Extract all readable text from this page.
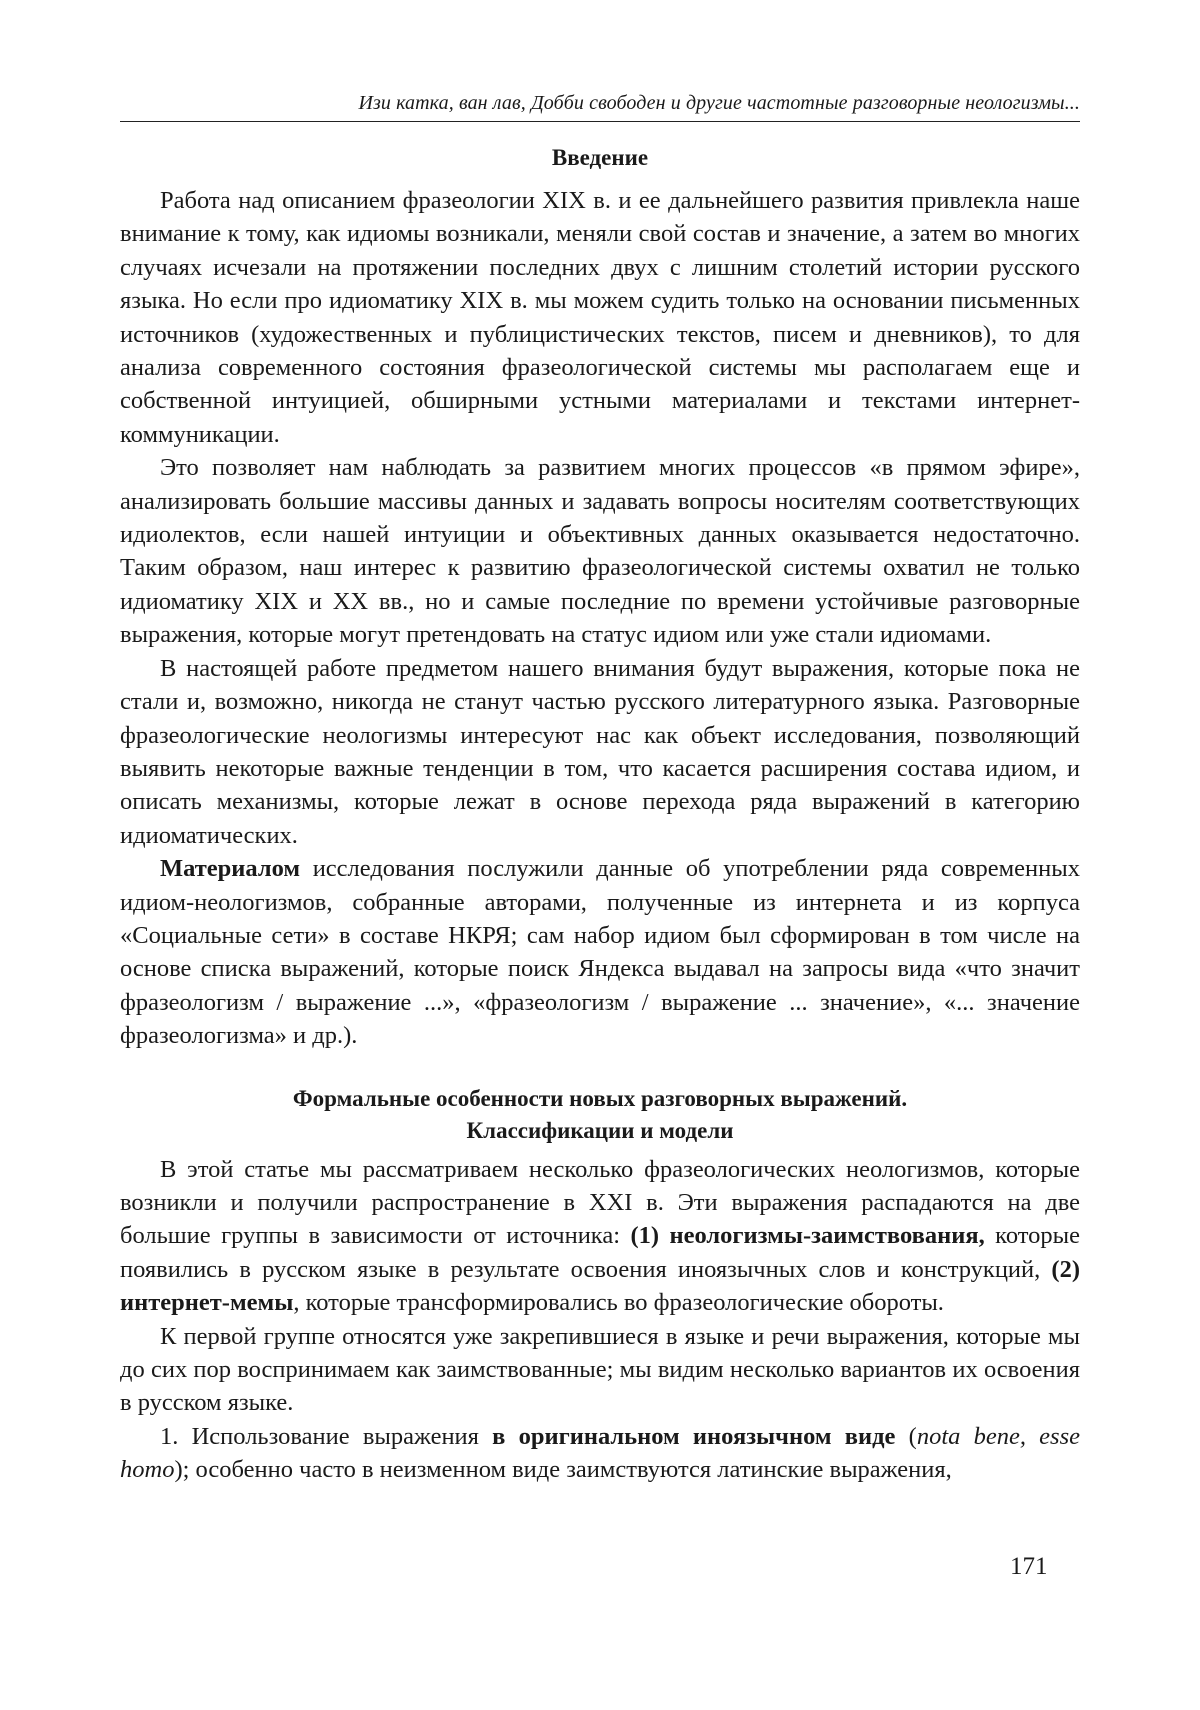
Изи катка, ван лав, Добби свободен и другие частотные разговорные неологизмы...
Введение

Работа над описанием фразеологии XIX в. и ее дальнейшего развития привлекла наше внимание к тому, как идиомы возникали, меняли свой состав и значение, а затем во многих случаях исчезали на протяжении последних двух с лишним столетий истории русского языка. Но если про идиоматику XIX в. мы можем судить только на основании письменных источников (художественных и публицистических текстов, писем и дневников), то для анализа современного состояния фразеологической системы мы располагаем еще и собственной интуицией, обширными устными материалами и текстами интернет-коммуникации.

Это позволяет нам наблюдать за развитием многих процессов «в прямом эфире», анализировать большие массивы данных и задавать вопросы носителям соответствующих идиолектов, если нашей интуиции и объективных данных оказывается недостаточно. Таким образом, наш интерес к развитию фразеологической системы охватил не только идиоматику XIX и XX вв., но и самые последние по времени устойчивые разговорные выражения, которые могут претендовать на статус идиом или уже стали идиомами.

В настоящей работе предметом нашего внимания будут выражения, которые пока не стали и, возможно, никогда не станут частью русского литературного языка. Разговорные фразеологические неологизмы интересуют нас как объект исследования, позволяющий выявить некоторые важные тенденции в том, что касается расширения состава идиом, и описать механизмы, которые лежат в основе перехода ряда выражений в категорию идиоматических.

Материалом исследования послужили данные об употреблении ряда современных идиом-неологизмов, собранные авторами, полученные из интернета и из корпуса «Социальные сети» в составе НКРЯ; сам набор идиом был сформирован в том числе на основе списка выражений, которые поиск Яндекса выдавал на запросы вида «что значит фразеологизм / выражение ...», «фразеологизм / выражение ... значение», «... значение фразеологизма» и др.).

Формальные особенности новых разговорных выражений.
Классификации и модели

В этой статье мы рассматриваем несколько фразеологических неологизмов, которые возникли и получили распространение в XXI в. Эти выражения распадаются на две большие группы в зависимости от источника: (1) неологизмы-заимствования, которые появились в русском языке в результате освоения иноязычных слов и конструкций, (2) интернет-мемы, которые трансформировались во фразеологические обороты.

К первой группе относятся уже закрепившиеся в языке и речи выражения, которые мы до сих пор воспринимаем как заимствованные; мы видим несколько вариантов их освоения в русском языке.

1. Использование выражения в оригинальном иноязычном виде (nota bene, esse homo); особенно часто в неизменном виде заимствуются латинские выражения,

171
